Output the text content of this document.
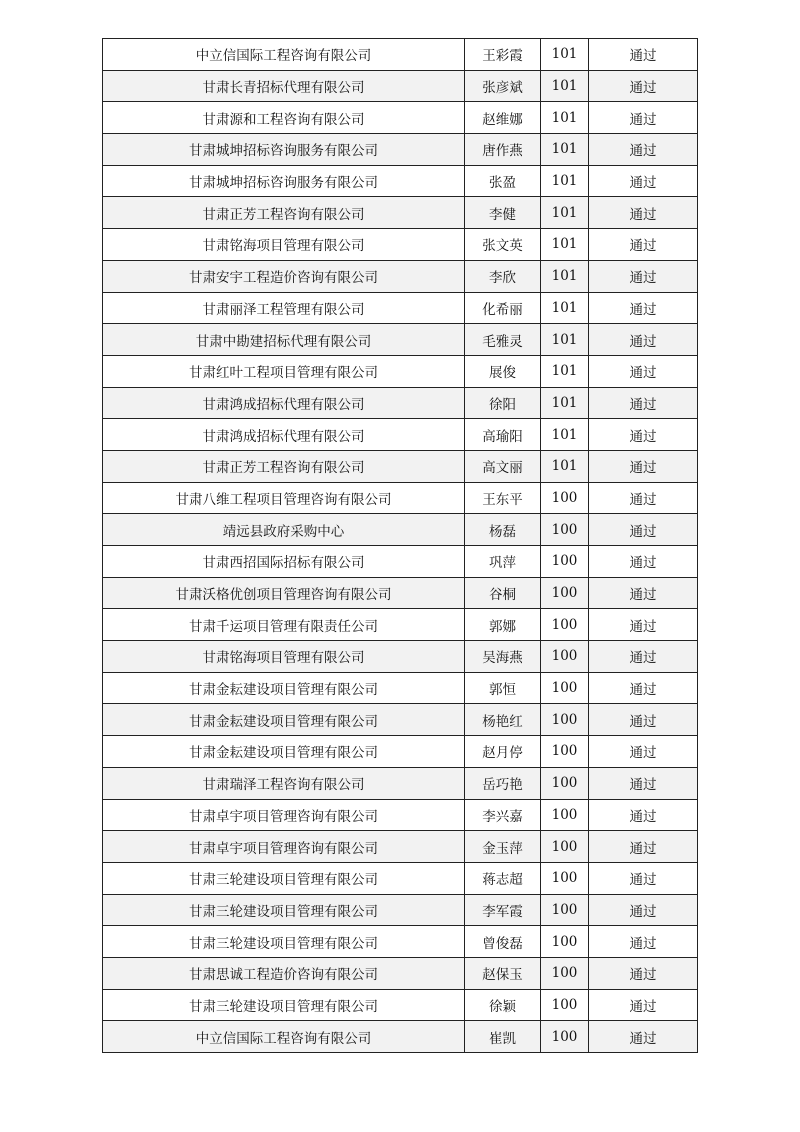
中立信国际工程咨询有限公司	王彩霞	101	通过
甘肃长青招标代理有限公司	张彦斌	101	通过
甘肃源和工程咨询有限公司	赵维娜	101	通过
甘肃城坤招标咨询服务有限公司	唐作燕	101	通过
甘肃城坤招标咨询服务有限公司	张盈	101	通过
甘肃正芳工程咨询有限公司	李健	101	通过
甘肃铭海项目管理有限公司	张文英	101	通过
甘肃安宇工程造价咨询有限公司	李欣	101	通过
甘肃丽泽工程管理有限公司	化希丽	101	通过
甘肃中勘建招标代理有限公司	毛雅灵	101	通过
甘肃红叶工程项目管理有限公司	展俊	101	通过
甘肃鸿成招标代理有限公司	徐阳	101	通过
甘肃鸿成招标代理有限公司	高瑜阳	101	通过
甘肃正芳工程咨询有限公司	高文丽	101	通过
甘肃八维工程项目管理咨询有限公司	王东平	100	通过
靖远县政府采购中心	杨磊	100	通过
甘肃西招国际招标有限公司	巩萍	100	通过
甘肃沃格优创项目管理咨询有限公司	谷桐	100	通过
甘肃千运项目管理有限责任公司	郭娜	100	通过
甘肃铭海项目管理有限公司	吴海燕	100	通过
甘肃金耘建设项目管理有限公司	郭恒	100	通过
甘肃金耘建设项目管理有限公司	杨艳红	100	通过
甘肃金耘建设项目管理有限公司	赵月停	100	通过
甘肃瑞泽工程咨询有限公司	岳巧艳	100	通过
甘肃卓宇项目管理咨询有限公司	李兴嘉	100	通过
甘肃卓宇项目管理咨询有限公司	金玉萍	100	通过
甘肃三轮建设项目管理有限公司	蒋志超	100	通过
甘肃三轮建设项目管理有限公司	李军霞	100	通过
甘肃三轮建设项目管理有限公司	曾俊磊	100	通过
甘肃思诚工程造价咨询有限公司	赵保玉	100	通过
甘肃三轮建设项目管理有限公司	徐颖	100	通过
中立信国际工程咨询有限公司	崔凯	100	通过
